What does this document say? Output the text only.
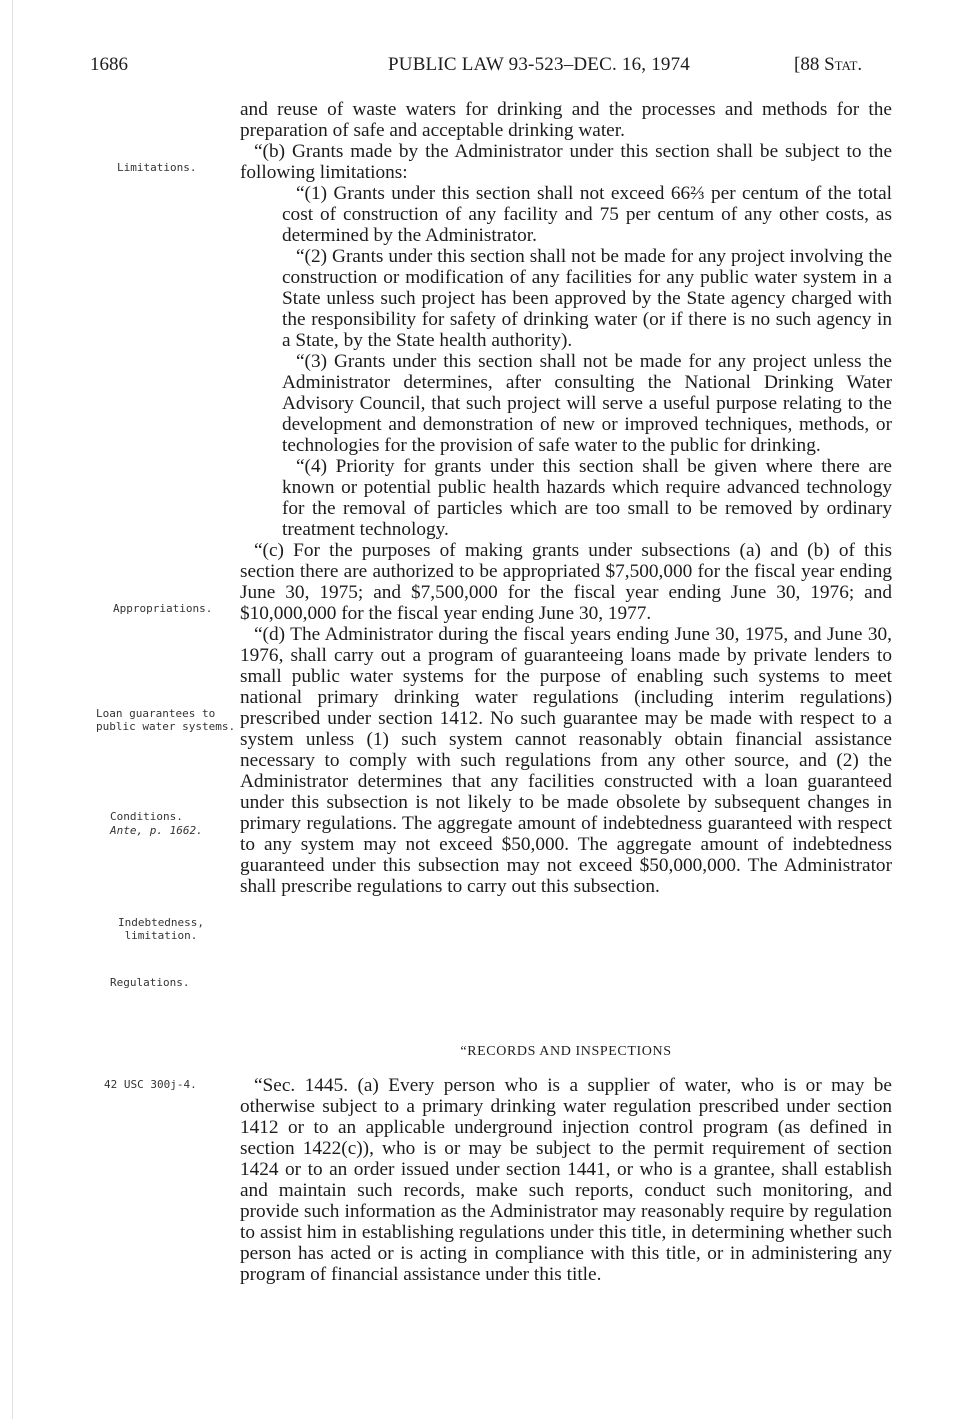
1686	PUBLIC LAW 93-523–DEC. 16, 1974	[88 Stat.
Limitations.
Appropriations.
Loan guarantees to public water systems.
Conditions.
Ante, p. 1662.
Indebtedness, limitation.
Regulations.
42 USC 300j-4.

and reuse of waste waters for drinking and the processes and methods for the preparation of safe and acceptable drinking water.

“(b) Grants made by the Administrator under this section shall be subject to the following limitations:

“(1) Grants under this section shall not exceed 66⅔ per centum of the total cost of construction of any facility and 75 per centum of any other costs, as determined by the Administrator.

“(2) Grants under this section shall not be made for any project involving the construction or modification of any facilities for any public water system in a State unless such project has been approved by the State agency charged with the responsibility for safety of drinking water (or if there is no such agency in a State, by the State health authority).

“(3) Grants under this section shall not be made for any project unless the Administrator determines, after consulting the National Drinking Water Advisory Council, that such project will serve a useful purpose relating to the development and demonstration of new or improved techniques, methods, or technologies for the provision of safe water to the public for drinking.

“(4) Priority for grants under this section shall be given where there are known or potential public health hazards which require advanced technology for the removal of particles which are too small to be removed by ordinary treatment technology.

“(c) For the purposes of making grants under subsections (a) and (b) of this section there are authorized to be appropriated $7,500,000 for the fiscal year ending June 30, 1975; and $7,500,000 for the fiscal year ending June 30, 1976; and $10,000,000 for the fiscal year ending June 30, 1977.

“(d) The Administrator during the fiscal years ending June 30, 1975, and June 30, 1976, shall carry out a program of guaranteeing loans made by private lenders to small public water systems for the purpose of enabling such systems to meet national primary drinking water regulations (including interim regulations) prescribed under section 1412. No such guarantee may be made with respect to a system unless (1) such system cannot reasonably obtain financial assistance necessary to comply with such regulations from any other source, and (2) the Administrator determines that any facilities constructed with a loan guaranteed under this subsection is not likely to be made obsolete by subsequent changes in primary regulations. The aggregate amount of indebtedness guaranteed with respect to any system may not exceed $50,000. The aggregate amount of indebtedness guaranteed under this subsection may not exceed $50,000,000. The Administrator shall prescribe regulations to carry out this subsection.

“RECORDS AND INSPECTIONS

“Sec. 1445. (a) Every person who is a supplier of water, who is or may be otherwise subject to a primary drinking water regulation prescribed under section 1412 or to an applicable underground injection control program (as defined in section 1422(c)), who is or may be subject to the permit requirement of section 1424 or to an order issued under section 1441, or who is a grantee, shall establish and maintain such records, make such reports, conduct such monitoring, and provide such information as the Administrator may reasonably require by regulation to assist him in establishing regulations under this title, in determining whether such person has acted or is acting in compliance with this title, or in administering any program of financial assistance under this title.
